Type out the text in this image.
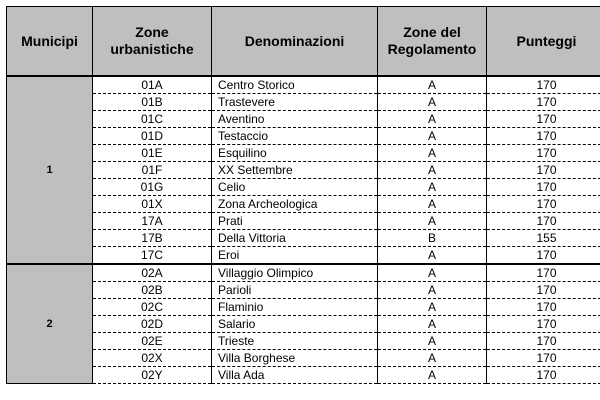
Municipi	Zone urbanistiche	Denominazioni	Zone del Regolamento	Punteggi
1	01A	Centro Storico	A	170
	01B	Trastevere	A	170
	01C	Aventino	A	170
	01D	Testaccio	A	170
	01E	Esquilino	A	170
	01F	XX Settembre	A	170
	01G	Celio	A	170
	01X	Zona Archeologica	A	170
	17A	Prati	A	170
	17B	Della Vittoria	B	155
	17C	Eroi	A	170
2	02A	Villaggio Olimpico	A	170
	02B	Parioli	A	170
	02C	Flaminio	A	170
	02D	Salario	A	170
	02E	Trieste	A	170
	02X	Villa Borghese	A	170
	02Y	Villa Ada	A	170
